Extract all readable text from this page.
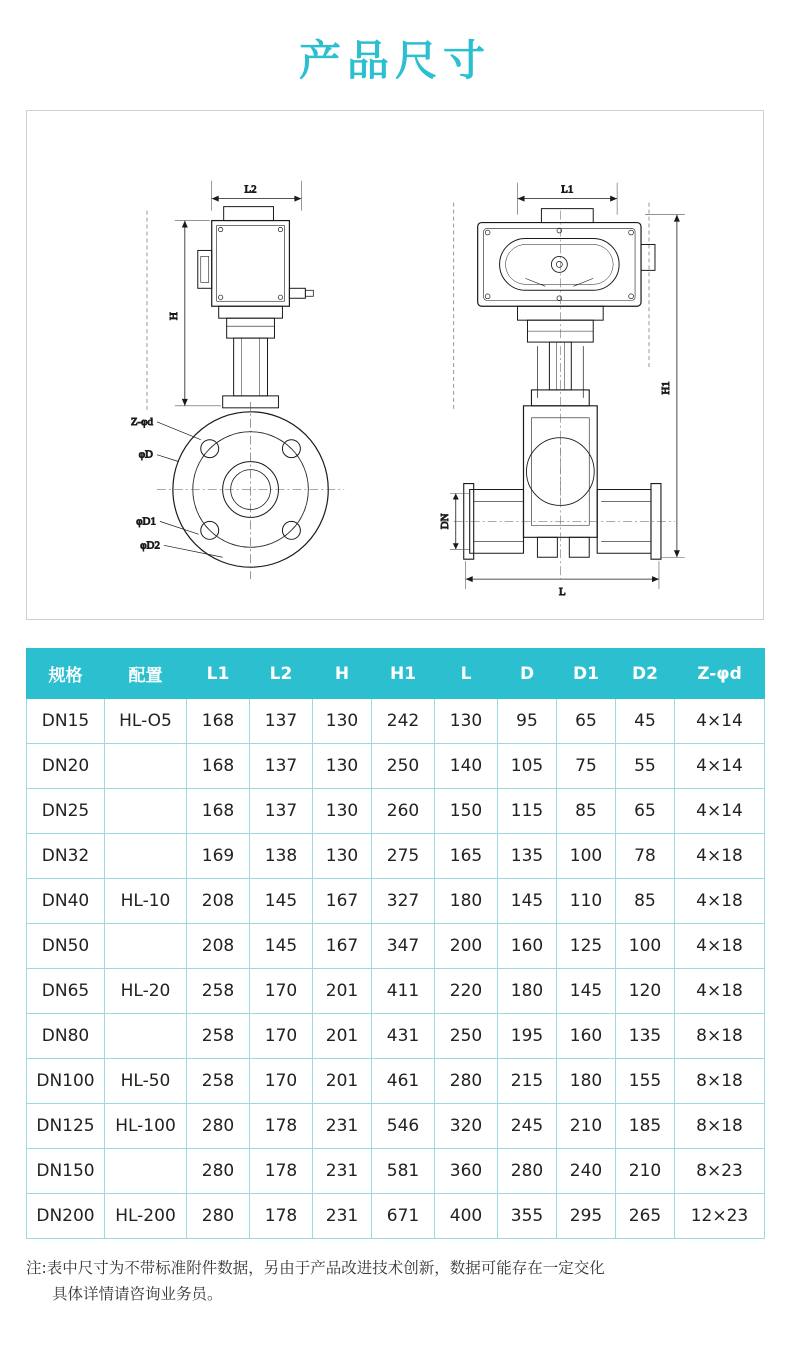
产品尺寸
L2
H
Z-φd
φD
φD1
φD2
L1
H1
DN
L
规格	配置	L1	L2	H	H1	L	D	D1	D2	Z-φd
DN15	HL-O5	168	137	130	242	130	95	65	45	4×14
DN20		168	137	130	250	140	105	75	55	4×14
DN25		168	137	130	260	150	115	85	65	4×14
DN32		169	138	130	275	165	135	100	78	4×18
DN40	HL-10	208	145	167	327	180	145	110	85	4×18
DN50		208	145	167	347	200	160	125	100	4×18
DN65	HL-20	258	170	201	411	220	180	145	120	4×18
DN80		258	170	201	431	250	195	160	135	8×18
DN100	HL-50	258	170	201	461	280	215	180	155	8×18
DN125	HL-100	280	178	231	546	320	245	210	185	8×18
DN150		280	178	231	581	360	280	240	210	8×23
DN200	HL-200	280	178	231	671	400	355	295	265	12×23
注:表中尺寸为不带标准附件数据，另由于产品改进技术创新，数据可能存在一定交化
具体详情请咨询业务员。
